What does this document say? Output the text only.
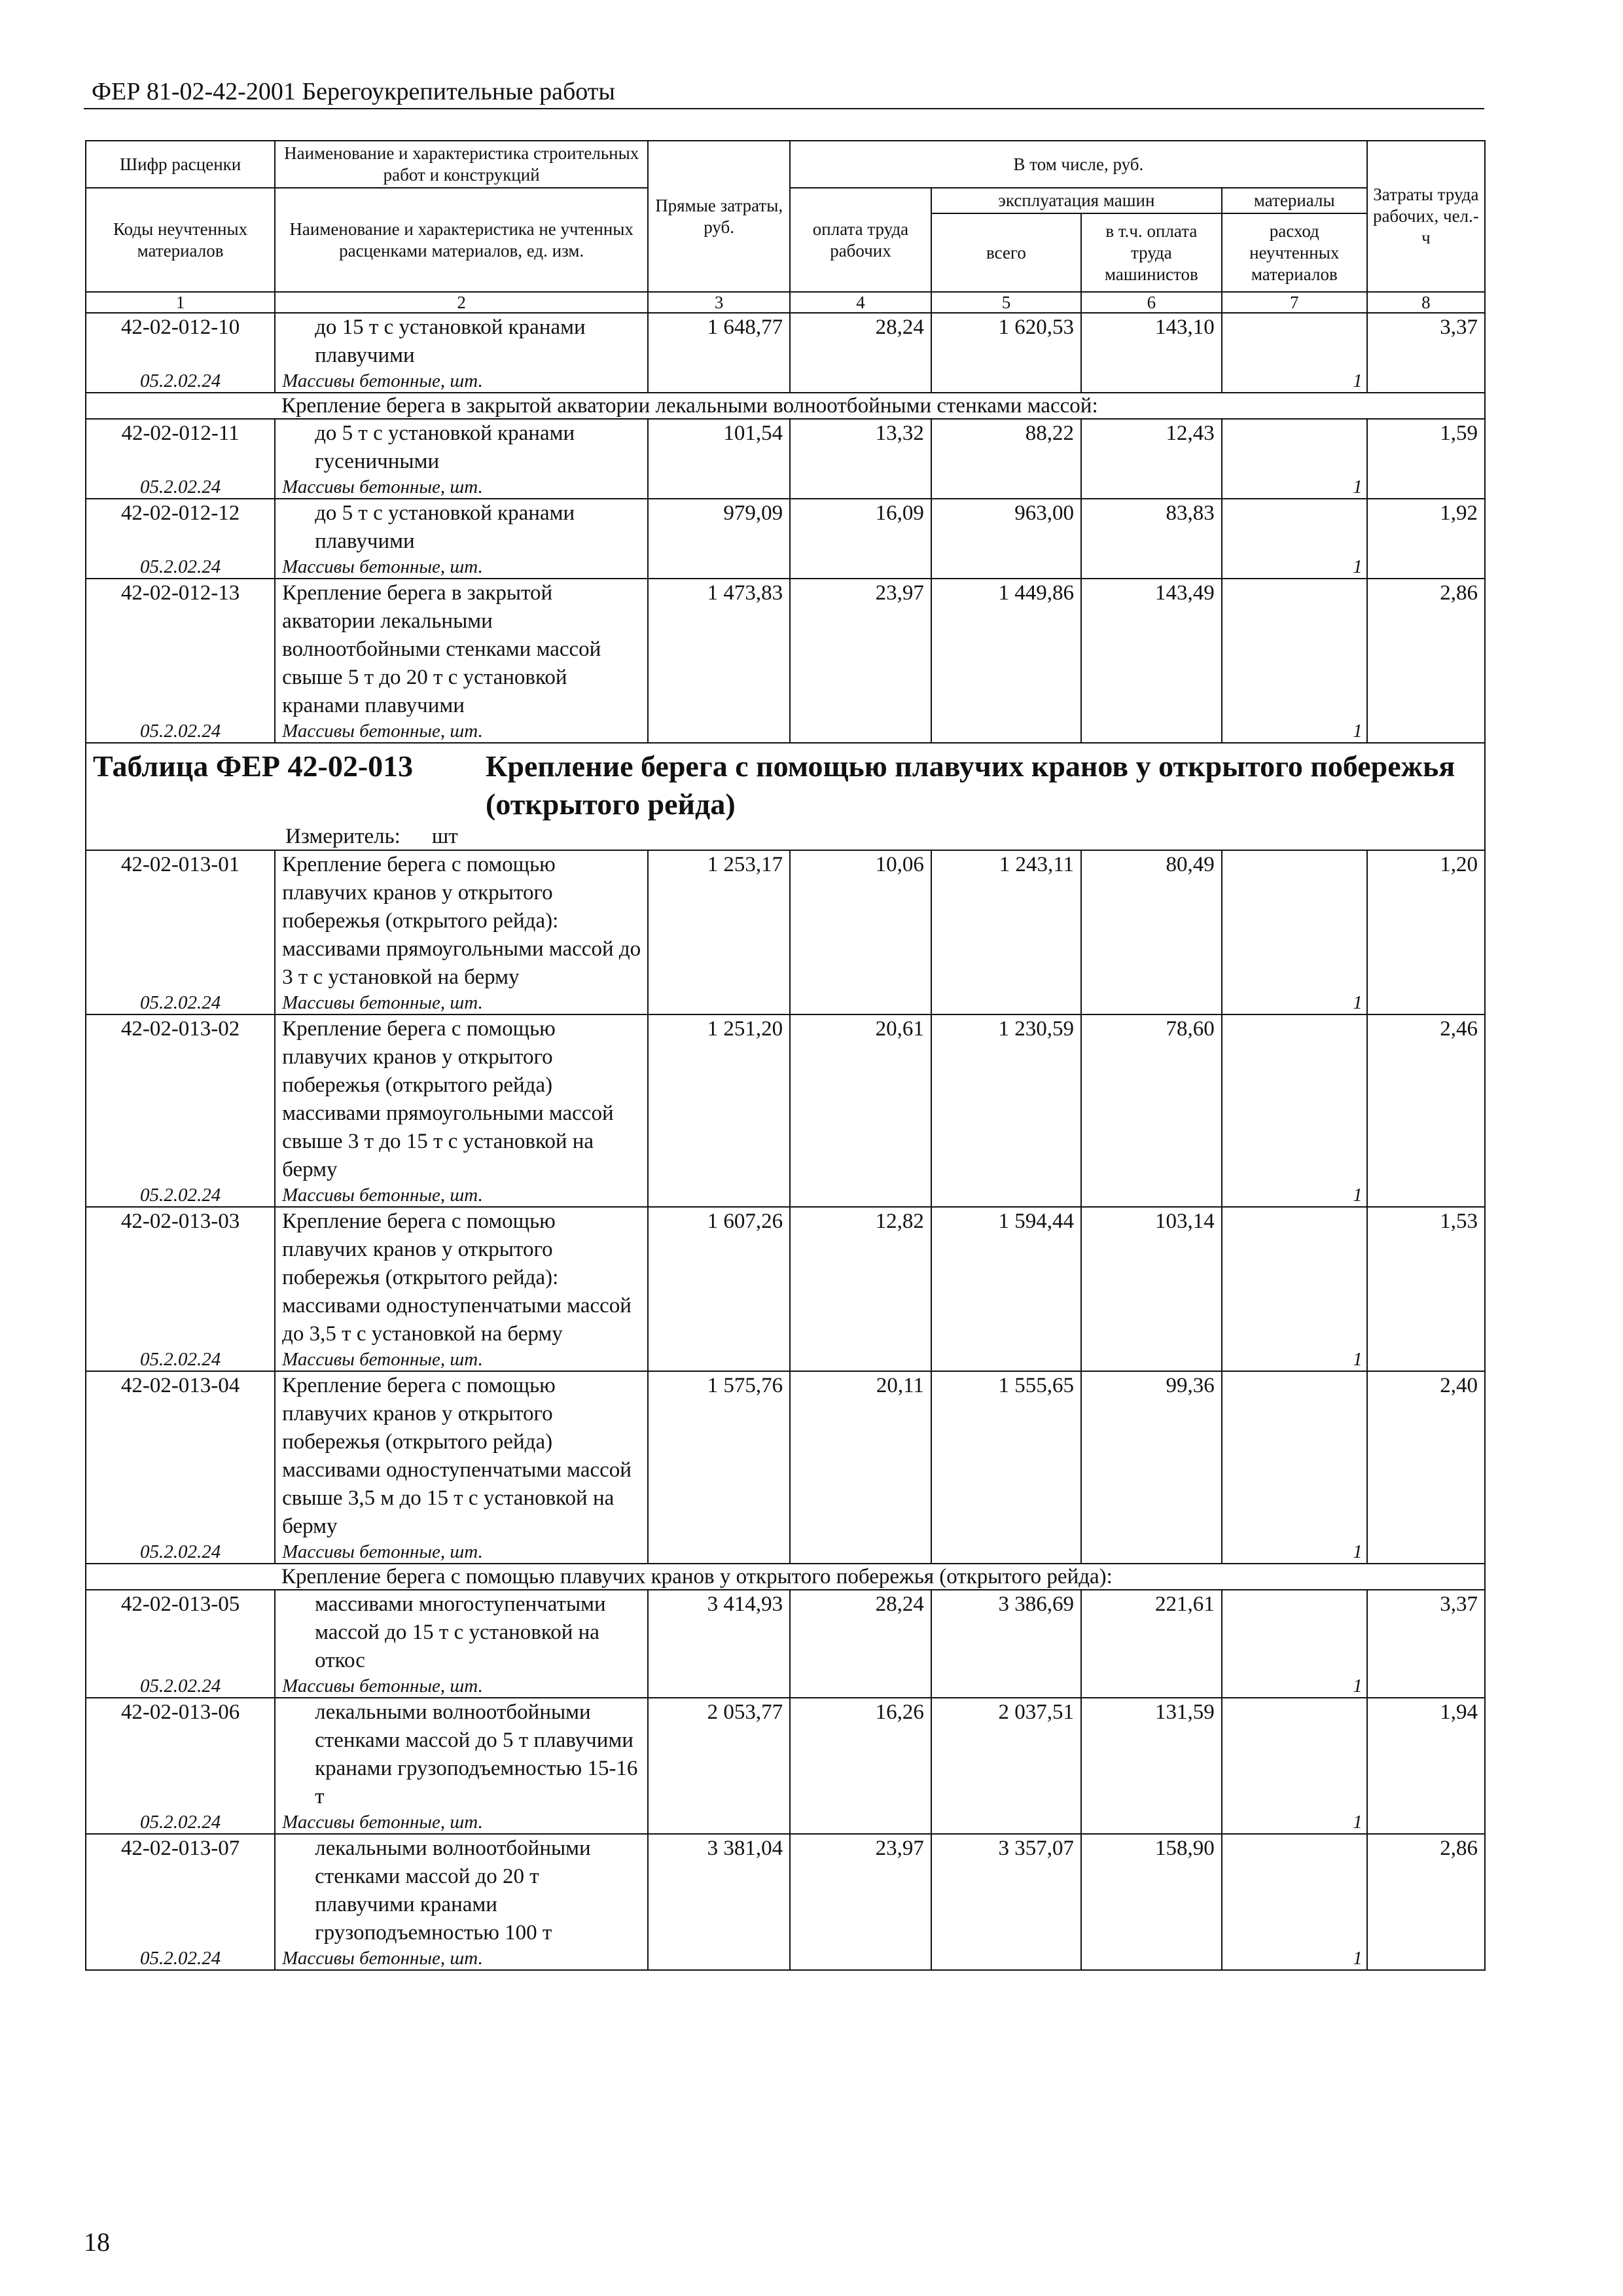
ФЕР 81-02-42-2001 Берегоукрепительные работы
Шифр расценки	Наименование и характеристика строительных работ и конструкций	Прямые затраты, руб.	В том числе, руб.				Затраты труда рабочих, чел.-ч
Коды неучтенных материалов	Наименование и характеристика не учтенных расценками материалов, ед. изм.		оплата труда рабочих	эксплуатация машин		материалы	
				всего	в т.ч. оплата труда машинистов	расход неучтенных материалов	
1	2	3	4	5	6	7	8
42-02-012-10	до 15 т с установкой кранами плавучими	1 648,77	28,24	1 620,53	143,10		3,37
05.2.02.24	Массивы бетонные, шт.					1	
Крепление берега в закрытой акватории лекальными волноотбойными стенками массой:							
42-02-012-11	до 5 т с установкой кранами гусеничными	101,54	13,32	88,22	12,43		1,59
05.2.02.24	Массивы бетонные, шт.					1	
42-02-012-12	до 5 т с установкой кранами плавучими	979,09	16,09	963,00	83,83		1,92
05.2.02.24	Массивы бетонные, шт.					1	
42-02-012-13	Крепление берега в закрытой акватории лекальными волноотбойными стенками массой свыше 5 т до 20 т с установкой кранами плавучими	1 473,83	23,97	1 449,86	143,49		2,86
05.2.02.24	Массивы бетонные, шт.					1	

Таблица ФЕР 42-02-013 Крепление берега с помощью плавучих кранов у открытого побережья (открытого рейда)							

Измеритель: шт							
42-02-013-01	Крепление берега с помощью плавучих кранов у открытого побережья (открытого рейда): массивами прямоугольными массой до 3 т с установкой на берму	1 253,17	10,06	1 243,11	80,49		1,20
05.2.02.24	Массивы бетонные, шт.					1	
42-02-013-02	Крепление берега с помощью плавучих кранов у открытого побережья (открытого рейда) массивами прямоугольными массой свыше 3 т до 15 т с установкой на берму	1 251,20	20,61	1 230,59	78,60		2,46
05.2.02.24	Массивы бетонные, шт.					1	
42-02-013-03	Крепление берега с помощью плавучих кранов у открытого побережья (открытого рейда): массивами одноступенчатыми массой до 3,5 т с установкой на берму	1 607,26	12,82	1 594,44	103,14		1,53
05.2.02.24	Массивы бетонные, шт.					1	
42-02-013-04	Крепление берега с помощью плавучих кранов у открытого побережья (открытого рейда) массивами одноступенчатыми массой свыше 3,5 м до 15 т с установкой на берму	1 575,76	20,11	1 555,65	99,36		2,40
05.2.02.24	Массивы бетонные, шт.					1	
Крепление берега с помощью плавучих кранов у открытого побережья (открытого рейда):							
42-02-013-05	массивами многоступенчатыми массой до 15 т с установкой на откос	3 414,93	28,24	3 386,69	221,61		3,37
05.2.02.24	Массивы бетонные, шт.					1	
42-02-013-06	лекальными волноотбойными стенками массой до 5 т плавучими кранами грузоподъемностью 15-16 т	2 053,77	16,26	2 037,51	131,59		1,94
05.2.02.24	Массивы бетонные, шт.					1	
42-02-013-07	лекальными волноотбойными стенками массой до 20 т плавучими кранами грузоподъемностью 100 т	3 381,04	23,97	3 357,07	158,90		2,86
05.2.02.24	Массивы бетонные, шт.					1	
18
